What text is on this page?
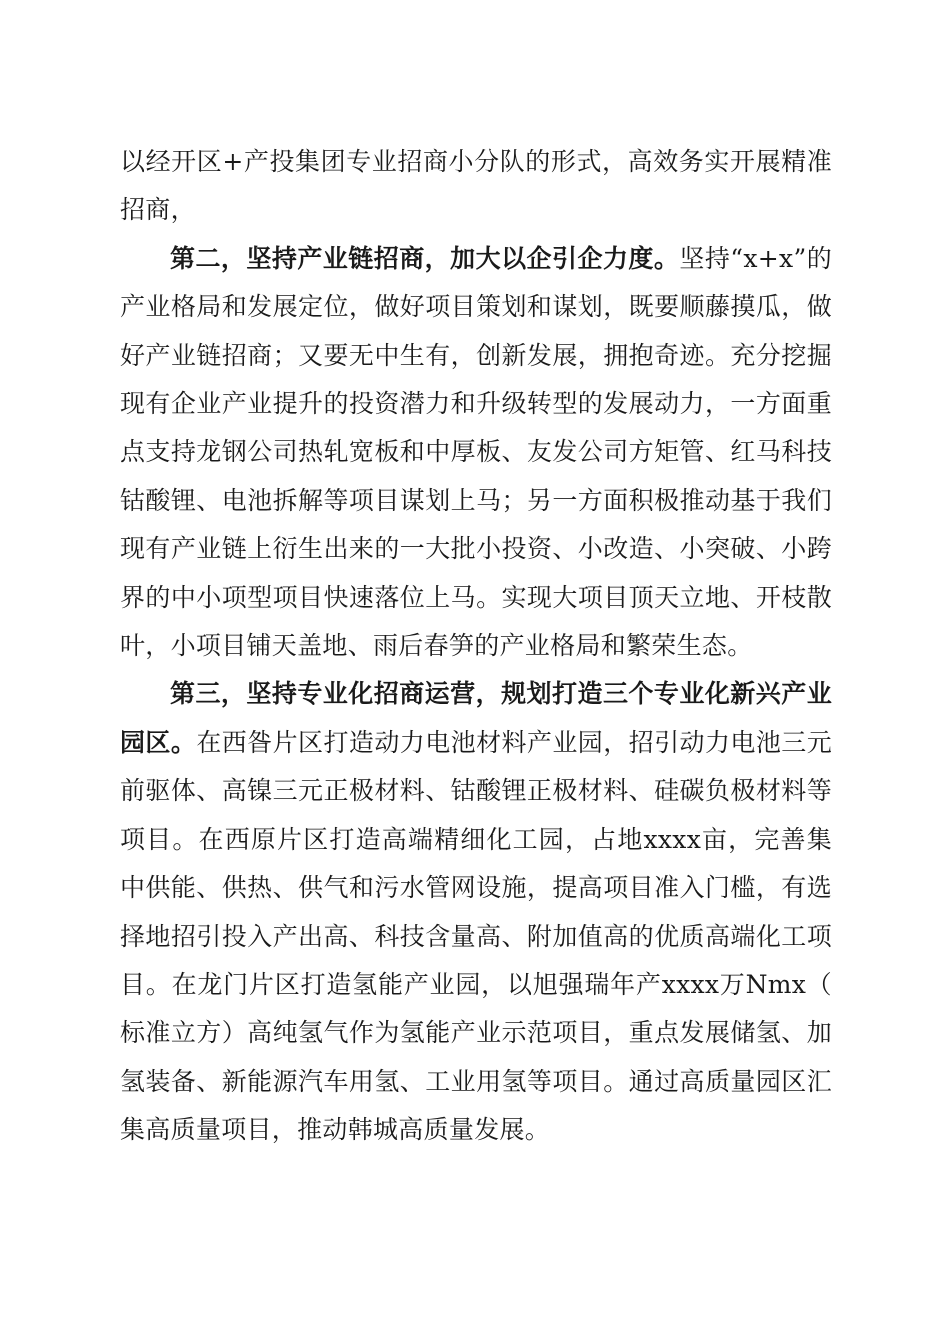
以经开区+产投集团专业招商小分队的形式，高效务实开展精准招商，

第二，坚持产业链招商，加大以企引企力度。坚持“x+x”的产业格局和发展定位，做好项目策划和谋划，既要顺藤摸瓜，做好产业链招商；又要无中生有，创新发展，拥抱奇迹。充分挖掘现有企业产业提升的投资潜力和升级转型的发展动力，一方面重点支持龙钢公司热轧宽板和中厚板、友发公司方矩管、红马科技钴酸锂、电池拆解等项目谋划上马；另一方面积极推动基于我们现有产业链上衍生出来的一大批小投资、小改造、小突破、小跨界的中小项型项目快速落位上马。实现大项目顶天立地、开枝散叶，小项目铺天盖地、雨后春笋的产业格局和繁荣生态。

第三，坚持专业化招商运营，规划打造三个专业化新兴产业园区。在西昝片区打造动力电池材料产业园，招引动力电池三元前驱体、高镍三元正极材料、钴酸锂正极材料、硅碳负极材料等项目。在西原片区打造高端精细化工园，占地xxxx亩，完善集中供能、供热、供气和污水管网设施，提高项目准入门槛，有选择地招引投入产出高、科技含量高、附加值高的优质高端化工项目。在龙门片区打造氢能产业园，以旭强瑞年产xxxx万Nmx（标准立方）高纯氢气作为氢能产业示范项目，重点发展储氢、加氢装备、新能源汽车用氢、工业用氢等项目。通过高质量园区汇集高质量项目，推动韩城高质量发展。
